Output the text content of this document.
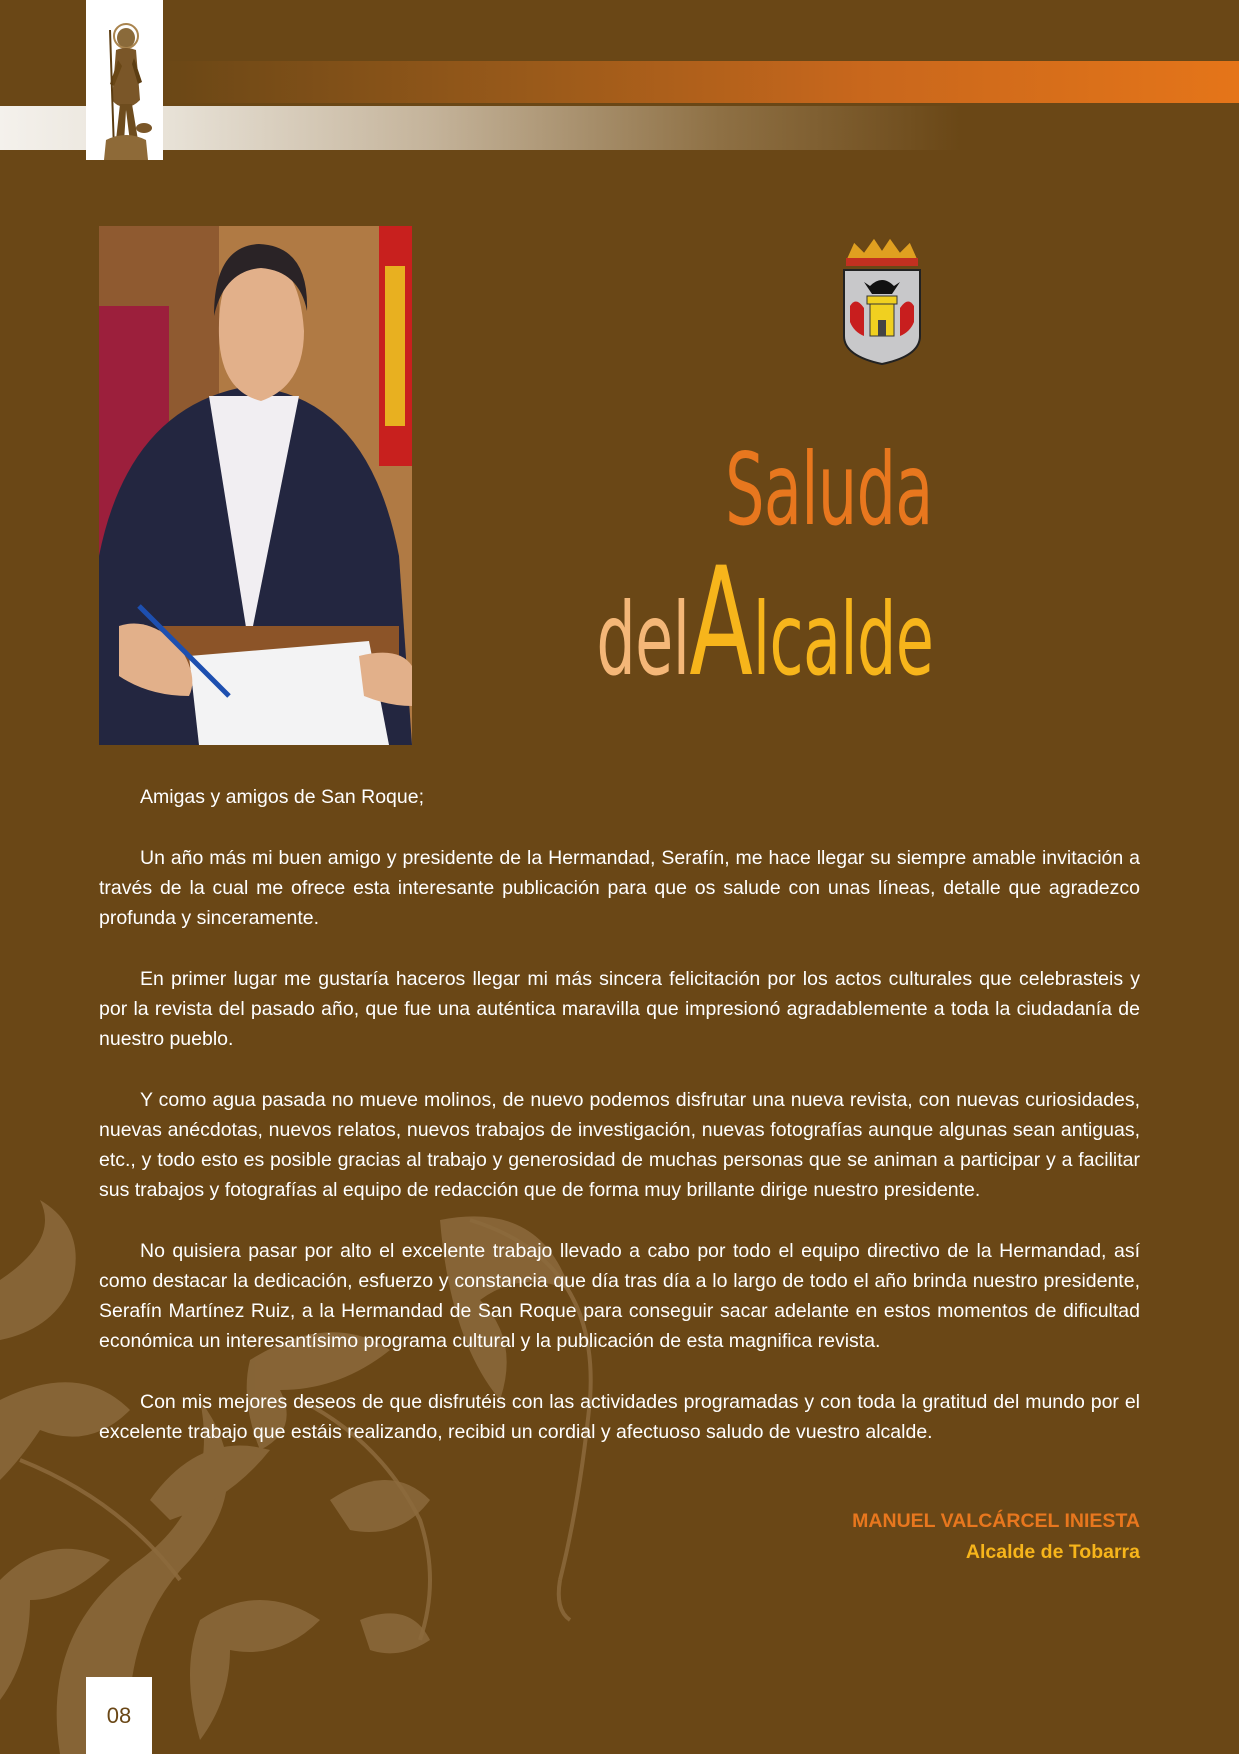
Saluda
delAlcalde

Amigas y amigos de San Roque;

Un año más mi buen amigo y presidente de la Hermandad, Serafín, me hace llegar su siempre amable invitación a través de la cual me ofrece esta interesante publicación para que os salude con unas líneas, detalle que agradezco profunda y sinceramente.

En primer lugar me gustaría haceros llegar mi más sincera felicitación por los actos culturales que celebrasteis y por la revista del pasado año, que fue una auténtica maravilla que impresionó agradablemente a toda la ciudadanía de nuestro pueblo.

Y como agua pasada no mueve molinos, de nuevo podemos disfrutar una nueva revista, con nuevas curiosidades, nuevas anécdotas, nuevos relatos, nuevos trabajos de investigación, nuevas fotografías aunque algunas sean antiguas, etc., y todo esto es posible gracias al trabajo y generosidad de muchas personas que se animan a participar y a facilitar sus trabajos y fotografías al equipo de redacción que de forma muy brillante dirige nuestro presidente.

No quisiera pasar por alto el excelente trabajo llevado a cabo por todo el equipo directivo de la Hermandad, así como destacar la dedicación, esfuerzo y constancia que día tras día a lo largo de todo el año brinda nuestro presidente, Serafín Martínez Ruiz, a la Hermandad de San Roque para conseguir sacar adelante en estos momentos de dificultad económica un interesantísimo programa cultural y la publicación de esta magnifica revista.

Con mis mejores deseos de que disfrutéis con las actividades programadas y con toda la gratitud del mundo por el excelente trabajo que estáis realizando, recibid un cordial y afectuoso saludo de vuestro alcalde.

MANUEL VALCÁRCEL INIESTA
Alcalde de Tobarra
08
